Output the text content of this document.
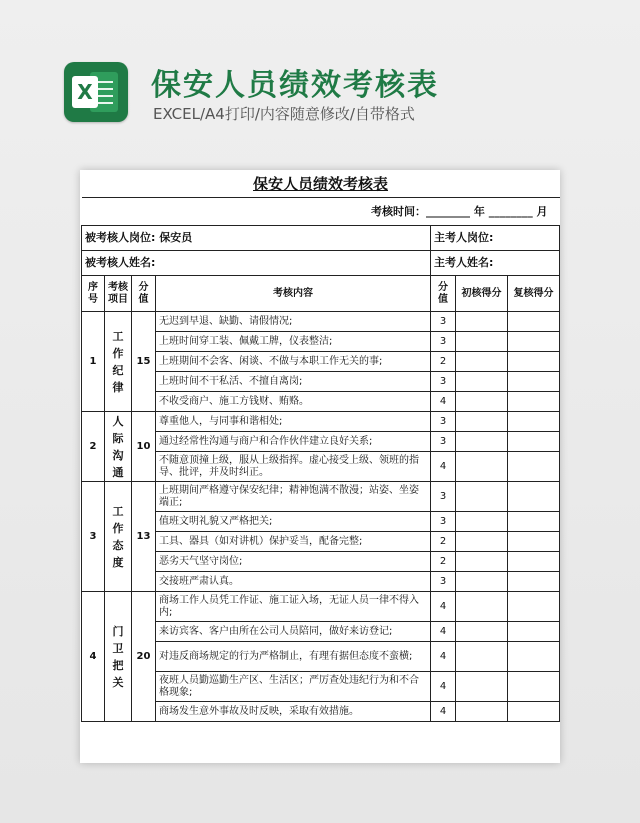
X 保安人员绩效考核表
EXCEL/A4打印/内容随意修改/自带格式
保安人员绩效考核表						
考核时间：________ 年 ________ 月						
被考核人岗位: 保安员				主考人岗位:		
被考核人姓名:				主考人姓名:		
序号	考核项目	分值	考核内容	分值	初核得分	复核得分
1	工作纪律	15	无迟到早退、缺勤、请假情况;	3		
			上班时间穿工装、佩戴工牌，仪表整洁;	3		
			上班期间不会客、闲谈、不做与本职工作无关的事;	2		
			上班时间不干私活、不擅自离岗;	3		
			不收受商户、施工方钱财、贿赂。	4		
2	人际沟通	10	尊重他人，与同事和谐相处;	3		
			通过经常性沟通与商户和合作伙伴建立良好关系;	3		
			不随意顶撞上级，服从上级指挥。虚心接受上级、领班的指导、批评，并及时纠正。	4		
3	工作态度	13	上班期间严格遵守保安纪律；精神饱满不散漫；站姿、坐姿端正;	3		
			值班文明礼貌又严格把关;	3		
			工具、器具（如对讲机）保护妥当，配备完整;	2		
			恶劣天气坚守岗位;	2		
			交接班严肃认真。	3		
4	门卫把关	20	商场工作人员凭工作证、施工证入场，无证人员一律不得入内;	4		
			来访宾客、客户由所在公司人员陪同，做好来访登记;	4		
			对违反商场规定的行为严格制止，有理有据但态度不蛮横;	4		
			夜班人员勤巡勤生产区、生活区；严厉查处违纪行为和不合格现象;	4		
			商场发生意外事故及时反映，采取有效措施。	4		
